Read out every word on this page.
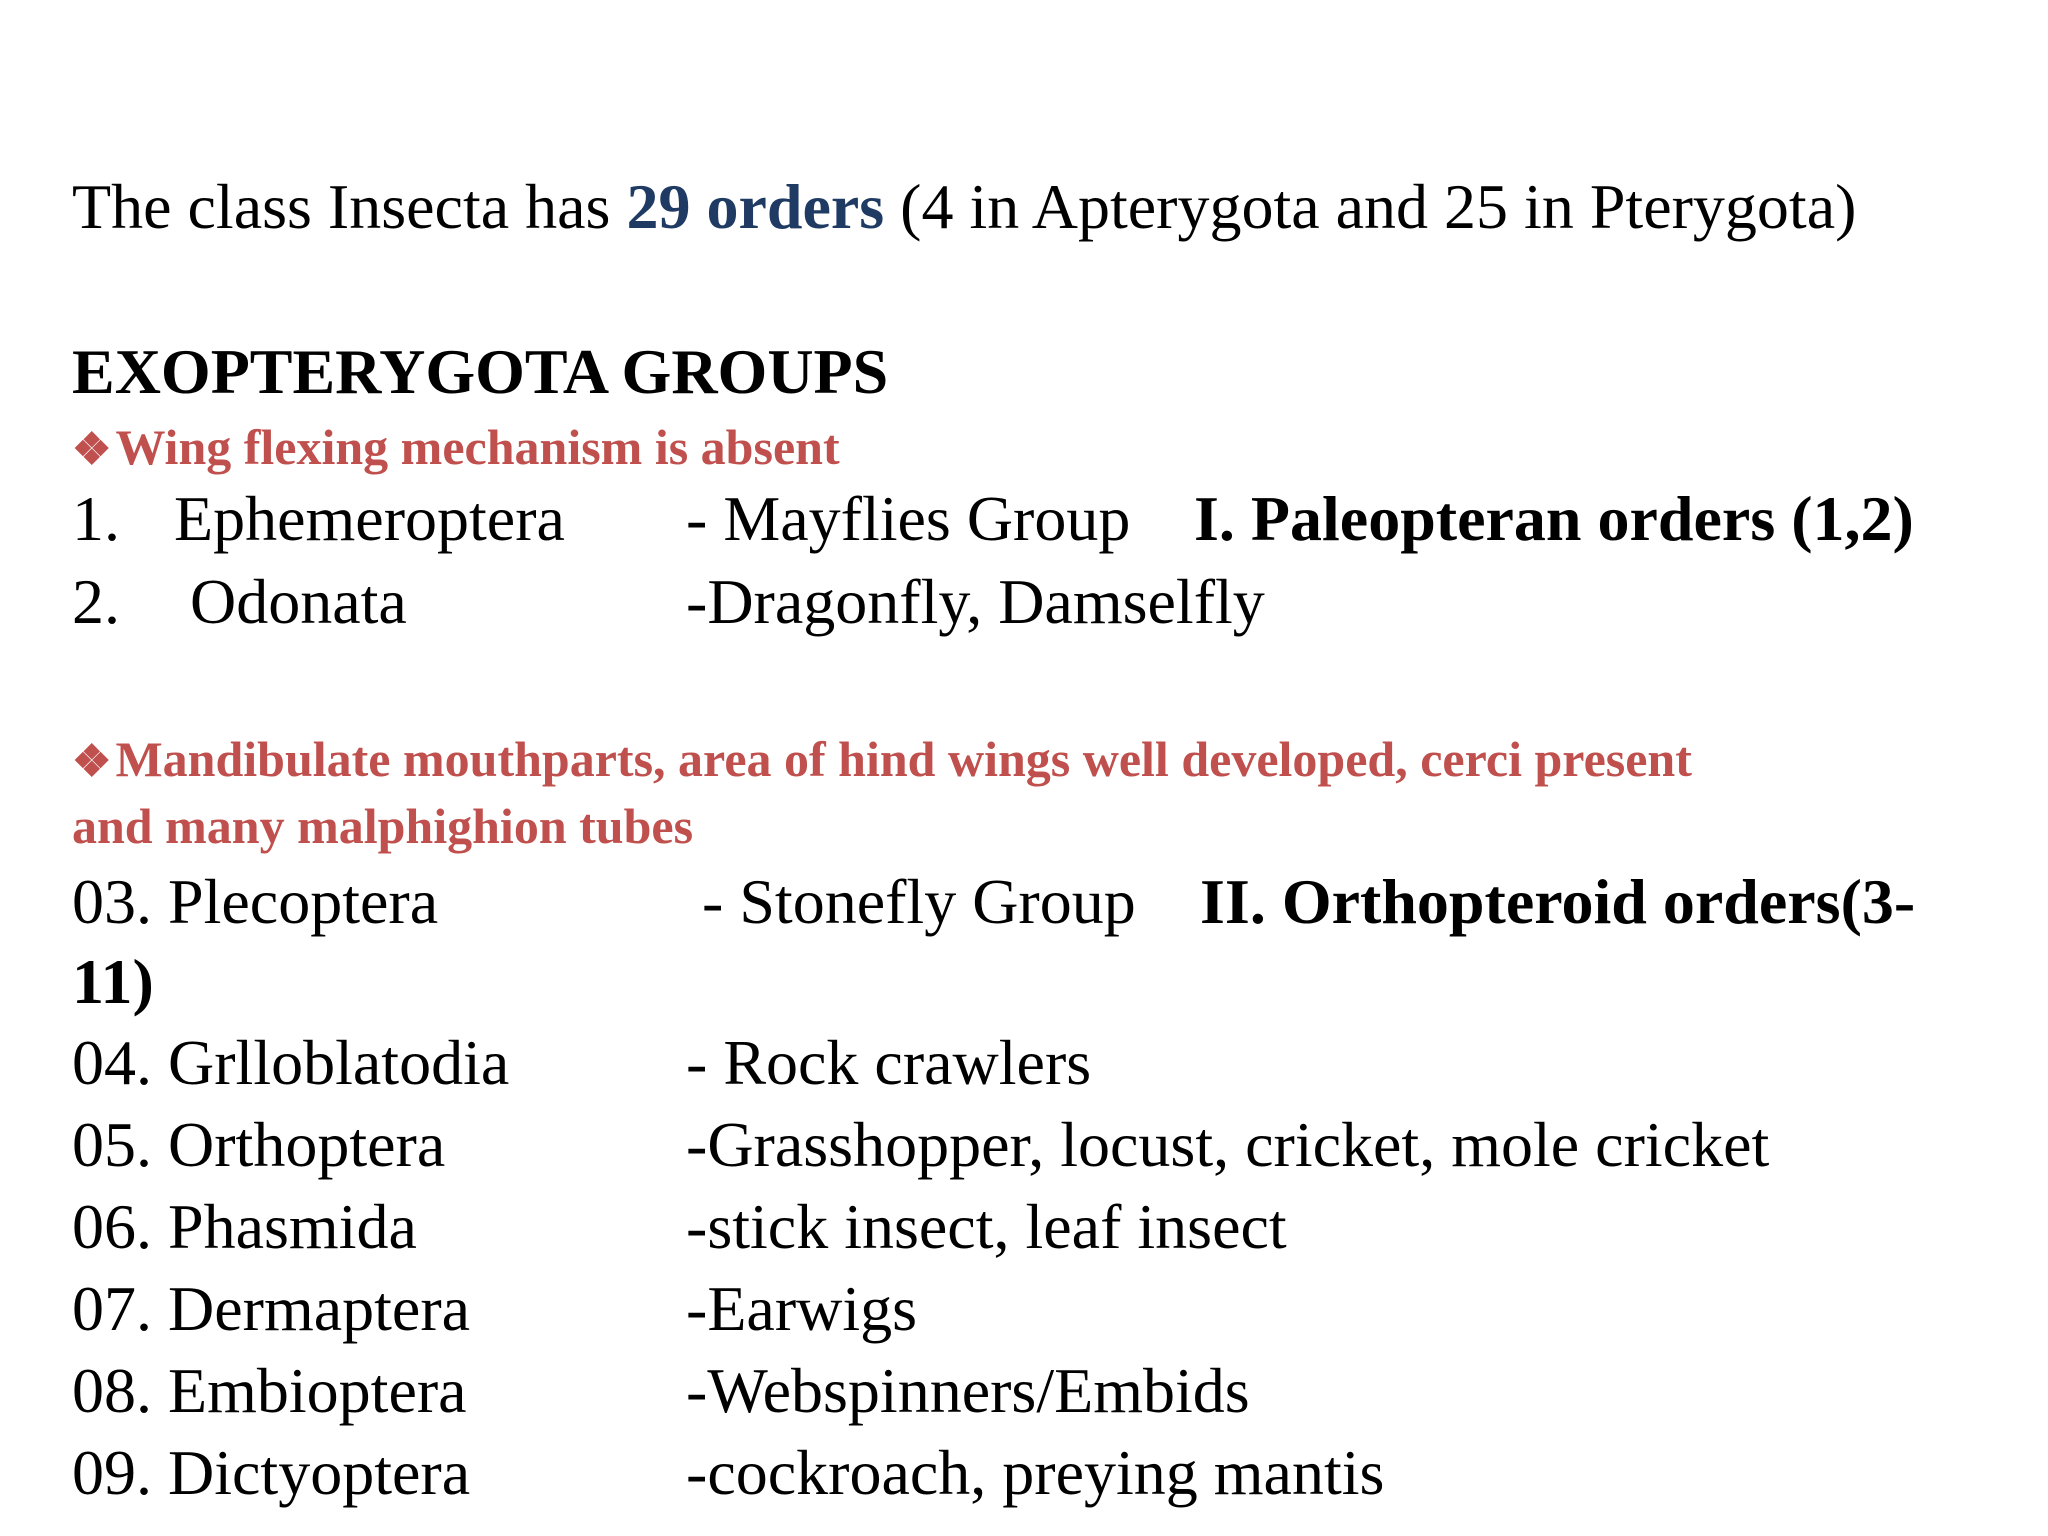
The class Insecta has 29 orders (4 in Apterygota and 25 in Pterygota)
EXOPTERYGOTA GROUPS
❖Wing flexing mechanism is absent
1. Ephemeroptera - Mayflies Group I. Paleopteran orders (1,2)
2. Odonata	-Dragonfly, Damselfly
❖Mandibulate mouthparts, area of hind wings well developed, cerci present
and many malphighion tubes
03. Plecoptera	- Stonefly Group II. Orthopteroid orders(3-
11)
04. Grlloblatodia	- Rock crawlers
05. Orthoptera	-Grasshopper, locust, cricket, mole cricket
06. Phasmida	-stick insect, leaf insect
07. Dermaptera	-Earwigs
08. Embioptera	-Webspinners/Embids
09. Dictyoptera	-cockroach, preying mantis
